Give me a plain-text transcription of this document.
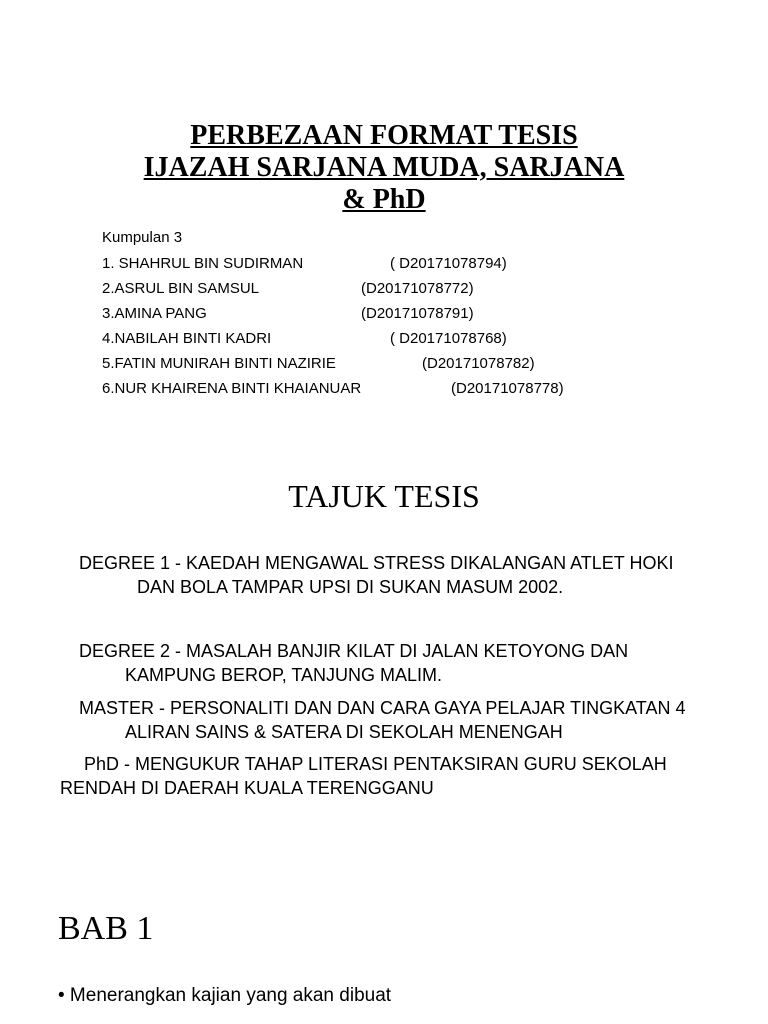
PERBEZAAN FORMAT TESIS
IJAZAH SARJANA MUDA, SARJANA
& PhD
Kumpulan 3
1. SHAHRUL BIN SUDIRMAN	( D20171078794)
2.ASRUL BIN SAMSUL	(D20171078772)
3.AMINA PANG	(D20171078791)
4.NABILAH BINTI KADRI	( D20171078768)
5.FATIN MUNIRAH BINTI NAZIRIE	(D20171078782)
6.NUR KHAIRENA BINTI KHAIANUAR	(D20171078778)
TAJUK TESIS
DEGREE 1 - KAEDAH MENGAWAL STRESS DIKALANGAN ATLET HOKI
DAN BOLA TAMPAR UPSI DI SUKAN MASUM 2002.
DEGREE 2 - MASALAH BANJIR KILAT DI JALAN KETOYONG DAN
KAMPUNG BEROP, TANJUNG MALIM.
MASTER - PERSONALITI DAN DAN CARA GAYA PELAJAR TINGKATAN 4
ALIRAN SAINS & SATERA DI SEKOLAH MENENGAH
PhD - MENGUKUR TAHAP LITERASI PENTAKSIRAN GURU SEKOLAH
RENDAH DI DAERAH KUALA TERENGGANU
BAB 1
• Menerangkan kajian yang akan dibuat
